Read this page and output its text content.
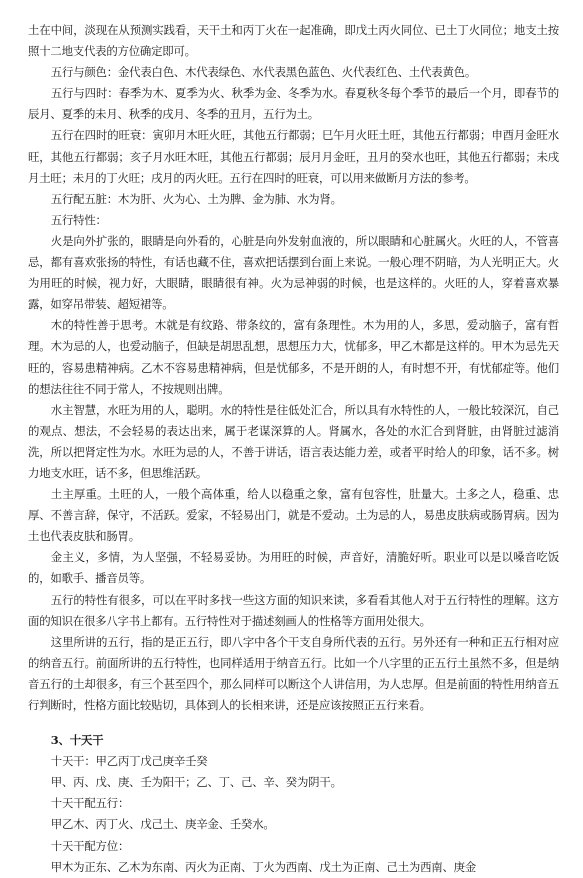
土在中间，淡现在从预测实践看，天干土和丙丁火在一起准确，即戊土丙火同位、已土丁火同位；地支土按照十二地支代表的方位确定即可。

五行与颜色：金代表白色、木代表绿色、水代表黑色蓝色、火代表红色、土代表黄色。

五行与四时：春季为木、夏季为火、秋季为金、冬季为水。春夏秋冬每个季节的最后一个月，即春节的辰月、夏季的未月、秋季的戌月、冬季的丑月，五行为土。

五行在四时的旺衰：寅卯月木旺火旺，其他五行都弱；巳午月火旺土旺，其他五行都弱；申酉月金旺水旺，其他五行都弱；亥子月水旺木旺，其他五行都弱；辰月月金旺，丑月的癸水也旺，其他五行都弱；未戌月土旺；未月的丁火旺；戌月的丙火旺。五行在四时的旺衰，可以用来做断月方法的参考。

五行配五脏：木为肝、火为心、土为脾、金为肺、水为肾。

五行特性：

火是向外扩张的，眼睛是向外看的，心脏是向外发射血液的，所以眼睛和心脏属火。火旺的人，不管喜忌，都有喜欢张扬的特性，有话也藏不住，喜欢把话摆到台面上来说。一般心理不阴暗，为人光明正大。火为用旺的时候，视力好，大眼睛，眼睛很有神。火为忌神弱的时候，也是这样的。火旺的人，穿着喜欢暴露，如穿吊带装、超短裙等。

木的特性善于思考。木就是有纹路、带条纹的，富有条理性。木为用的人，多思，爱动脑子，富有哲理。木为忌的人，也爱动脑子，但缺是胡思乱想，思想压力大，忧郁多，甲乙木都是这样的。甲木为忌先天旺的，容易患精神病。乙木不容易患精神病，但是忧郁多，不是开朗的人，有时想不开，有忧郁症等。他们的想法往往不同于常人，不按规则出牌。

水主智慧，水旺为用的人，聪明。水的特性是往低处汇合，所以具有水特性的人，一般比较深沉，自己的观点、想法，不会轻易的表达出来，属于老谋深算的人。肾属水，各处的水汇合到肾脏，由肾脏过滤消洗，所以把肾定性为水。水旺为忌的人，不善于讲话，语言表达能力差，或者平时给人的印象，话不多。树力地支水旺，话不多，但思维活跃。

土主厚重。土旺的人，一般个高体重，给人以稳重之象，富有包容性，肚量大。土多之人，稳重、忠厚、不善言辞，保守，不活跃。爱家，不轻易出门，就是不爱动。土为忌的人，易患皮肤病或肠胃病。因为土也代表皮肤和肠胃。

金主义，多情，为人坚强，不轻易妥协。为用旺的时候，声音好，清脆好听。职业可以是以嗓音吃饭的，如歌手、播音员等。

五行的特性有很多，可以在平时多找一些这方面的知识来读，多看看其他人对于五行特性的理解。这方面的知识在很多八字书上都有。五行特性对于描述刻画人的性格等方面用处很大。

这里所讲的五行，指的是正五行，即八字中各个干支自身所代表的五行。另外还有一种和正五行相对应的纳音五行。前面所讲的五行特性，也同样适用于纳音五行。比如一个八字里的正五行土虽然不多，但是纳音五行的土却很多，有三个甚至四个，那么同样可以断这个人讲信用，为人忠厚。但是前面的特性用纳音五行判断时，性格方面比较贴切，具体到人的长相来讲，还是应该按照正五行来看。

3、十天干

十天干：甲乙丙丁戊己庚辛壬癸

甲、丙、戊、庚、壬为阳干；乙、丁、己、辛、癸为阴干。

十天干配五行：

甲乙木、丙丁火、戊己土、庚辛金、壬癸水。

十天干配方位：

甲木为正东、乙木为东南、丙火为正南、丁火为西南、戊土为正南、己土为西南、庚金
